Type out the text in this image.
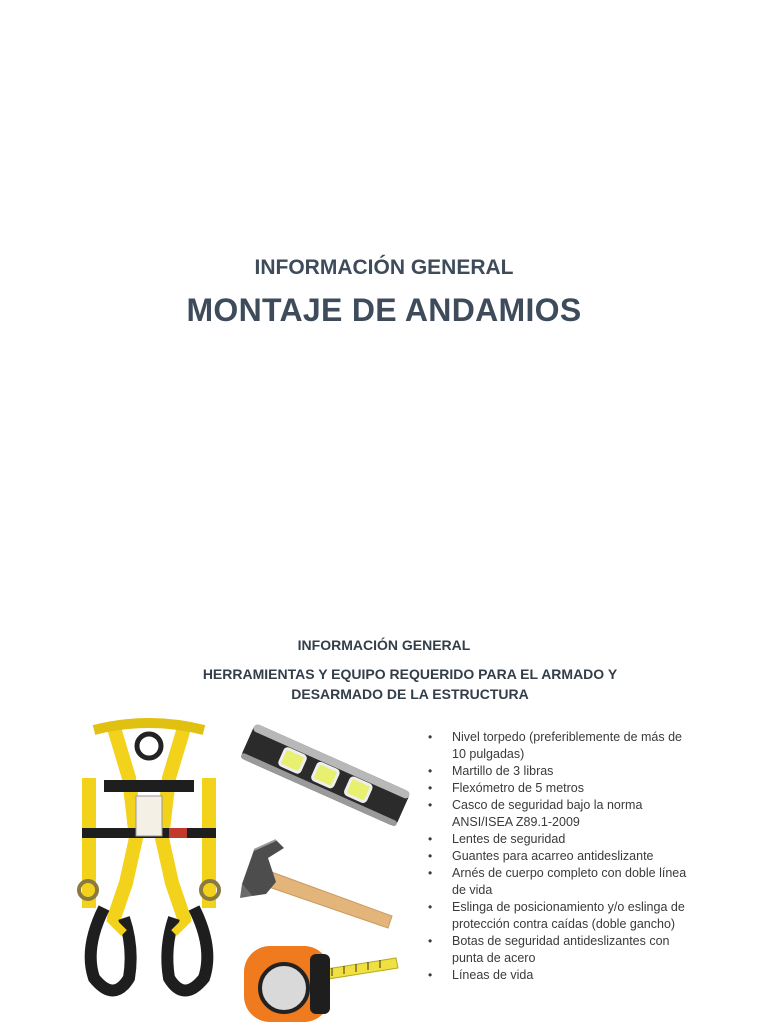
INFORMACIÓN GENERAL
MONTAJE DE ANDAMIOS
INFORMACIÓN GENERAL
HERRAMIENTAS Y EQUIPO REQUERIDO PARA EL ARMADO Y DESARMADO DE LA ESTRUCTURA
• Nivel torpedo (preferiblemente de más de 10 pulgadas)
• Martillo de 3 libras
• Flexómetro de 5 metros
• Casco de seguridad bajo la norma ANSI/ISEA Z89.1-2009
• Lentes de seguridad
• Guantes para acarreo antideslizante
• Arnés de cuerpo completo con doble línea de vida
• Eslinga de posicionamiento y/o eslinga de protección contra caídas (doble gancho)
• Botas de seguridad antideslizantes con punta de acero
• Líneas de vida
